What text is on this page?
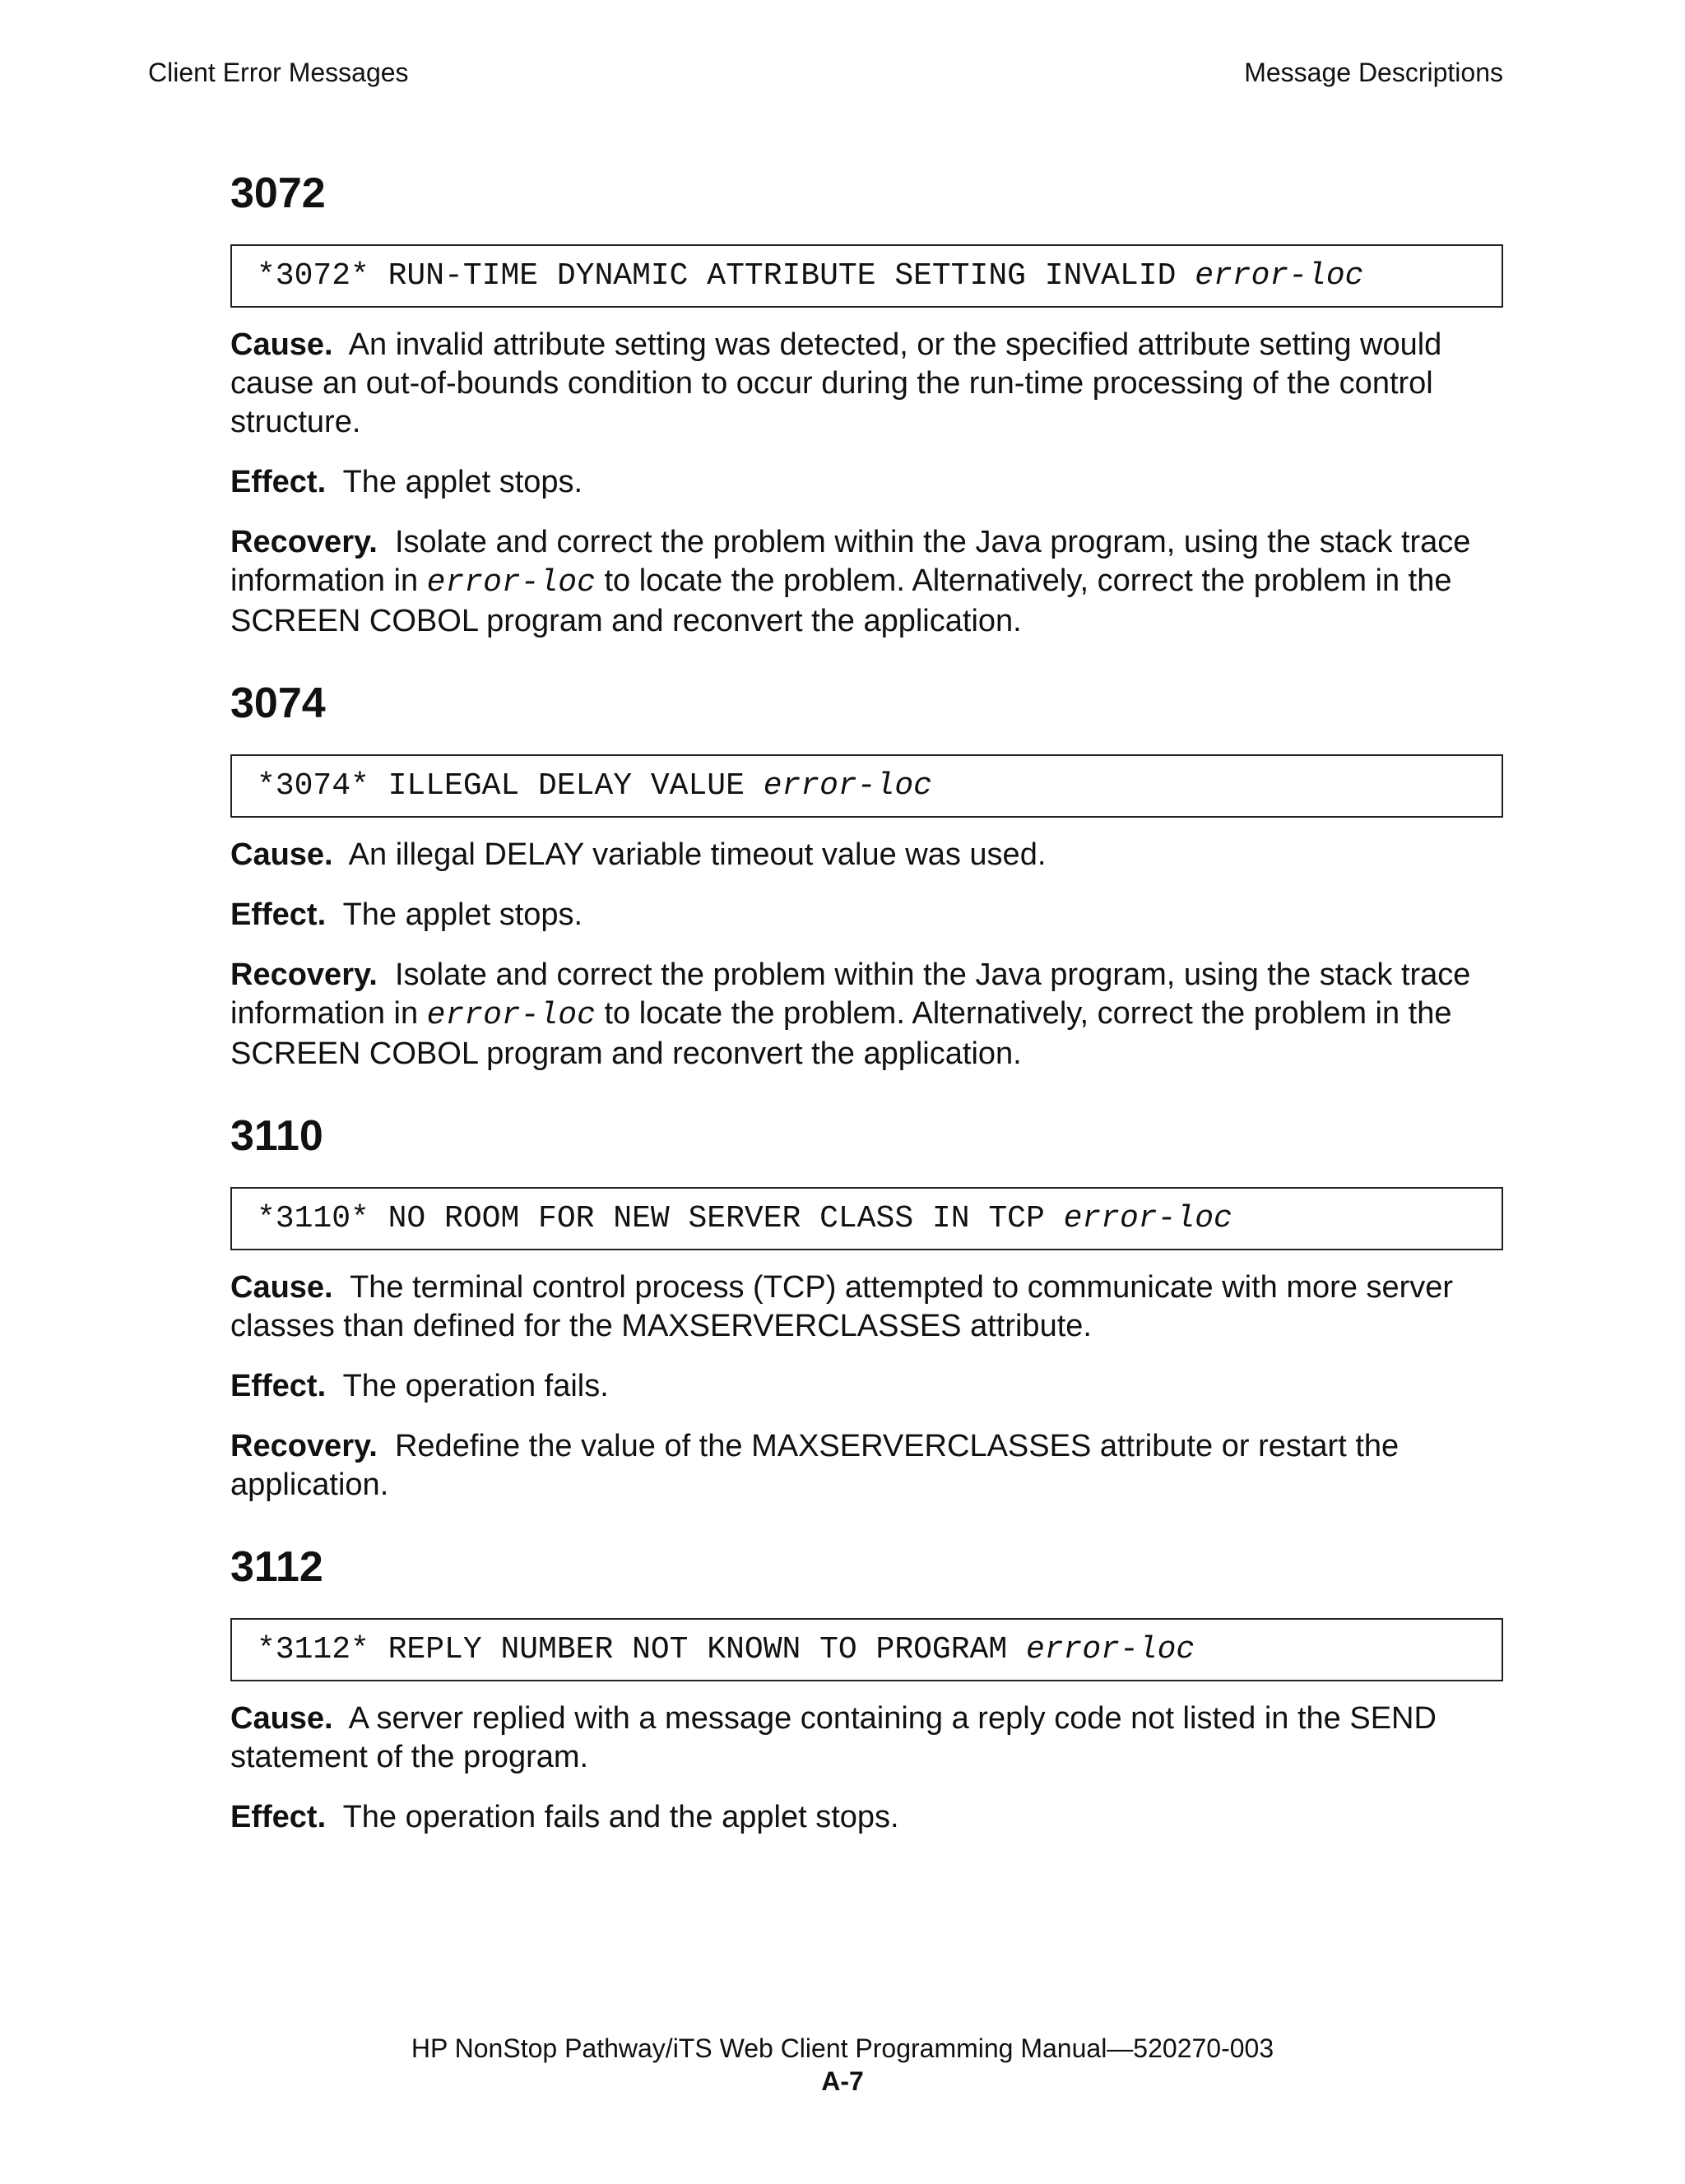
Client Error Messages	Message Descriptions
3072
*3072* RUN-TIME DYNAMIC ATTRIBUTE SETTING INVALID error-loc

Cause. An invalid attribute setting was detected, or the specified attribute setting would cause an out-of-bounds condition to occur during the run-time processing of the control structure.

Effect. The applet stops.

Recovery. Isolate and correct the problem within the Java program, using the stack trace information in error-loc to locate the problem. Alternatively, correct the problem in the SCREEN COBOL program and reconvert the application.

3074
*3074* ILLEGAL DELAY VALUE error-loc

Cause. An illegal DELAY variable timeout value was used.

Effect. The applet stops.

Recovery. Isolate and correct the problem within the Java program, using the stack trace information in error-loc to locate the problem. Alternatively, correct the problem in the SCREEN COBOL program and reconvert the application.

3110
*3110* NO ROOM FOR NEW SERVER CLASS IN TCP error-loc

Cause. The terminal control process (TCP) attempted to communicate with more server classes than defined for the MAXSERVERCLASSES attribute.

Effect. The operation fails.

Recovery. Redefine the value of the MAXSERVERCLASSES attribute or restart the application.

3112
*3112* REPLY NUMBER NOT KNOWN TO PROGRAM error-loc

Cause. A server replied with a message containing a reply code not listed in the SEND statement of the program.

Effect. The operation fails and the applet stops.

HP NonStop Pathway/iTS Web Client Programming Manual—520270-003
A-7
